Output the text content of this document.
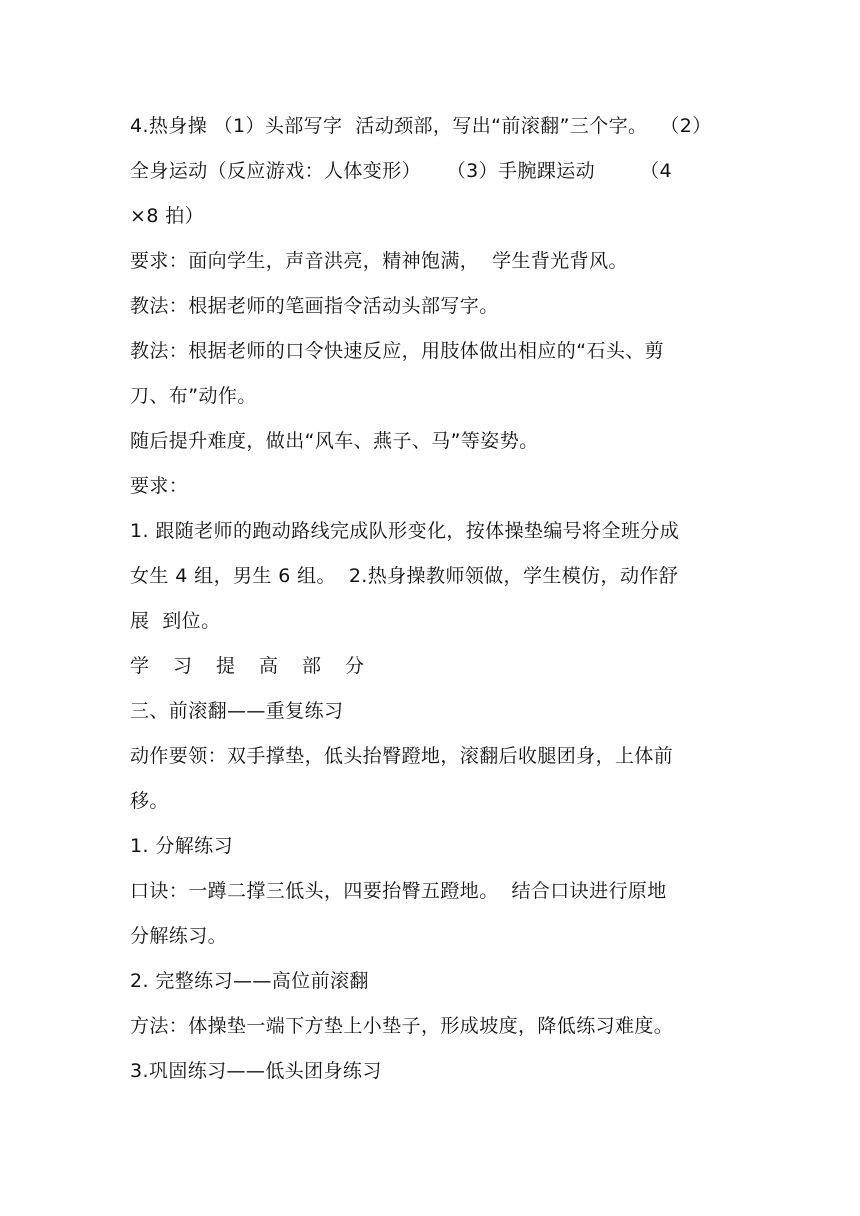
4.热身操 （1）头部写字  活动颈部，写出“前滚翻”三个字。  （2）
全身运动（反应游戏：人体变形）    （3）手腕踝运动       （4
×8 拍）
要求：面向学生，声音洪亮，精神饱满，  学生背光背风。
教法：根据老师的笔画指令活动头部写字。
教法：根据老师的口令快速反应，用肢体做出相应的“石头、剪
刀、布”动作。
随后提升难度，做出“风车、燕子、马”等姿势。
要求：
1. 跟随老师的跑动路线完成队形变化，按体操垫编号将全班分成
女生 4 组，男生 6 组。  2.热身操教师领做，学生模仿，动作舒
展  到位。
学习提高部分
三、前滚翻——重复练习
动作要领：双手撑垫，低头抬臀蹬地，滚翻后收腿团身，上体前
移。
1. 分解练习
口诀：一蹲二撑三低头，四要抬臀五蹬地。  结合口诀进行原地
分解练习。
2. 完整练习——高位前滚翻
方法：体操垫一端下方垫上小垫子，形成坡度，降低练习难度。
3.巩固练习——低头团身练习
